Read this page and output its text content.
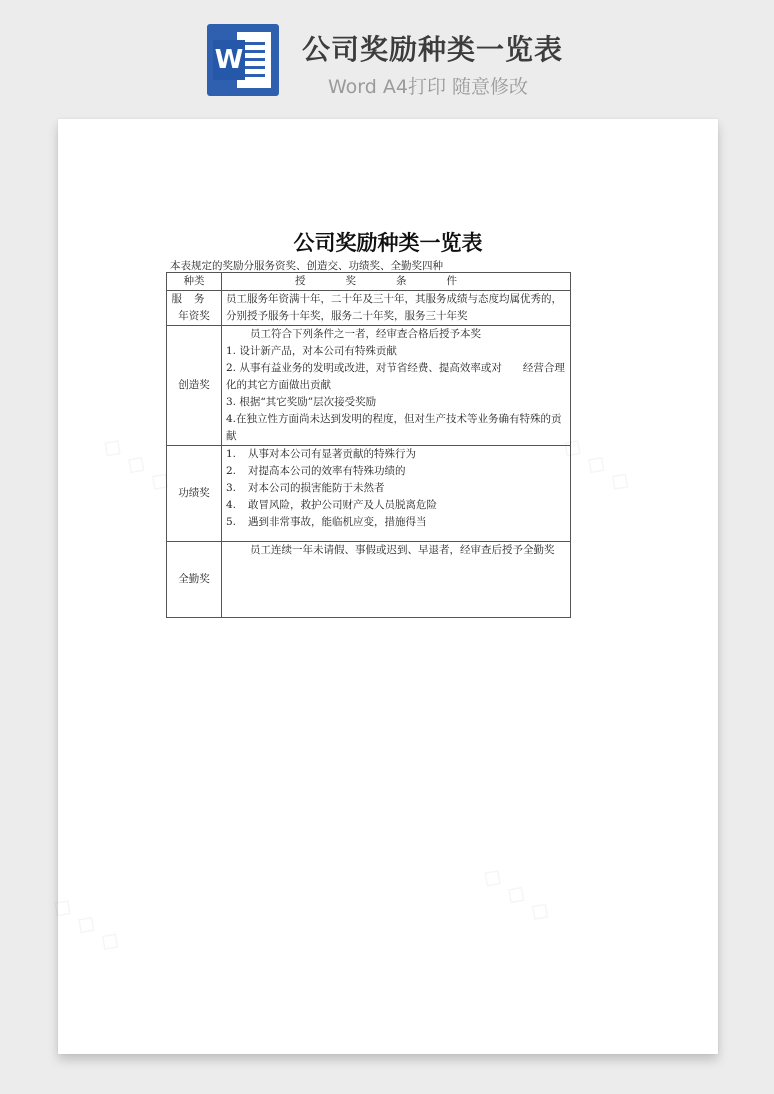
W 公司奖励种类一览表
Word A4打印 随意修改
◇ ◇ ◇	◇ ◇ ◇
◇ ◇ ◇	◇ ◇ ◇
公司奖励种类一览表
本表规定的奖励分服务资奖、创造交、功绩奖、全勤奖四种
种类	授奖条件

服务
年资奖	员工服务年资满十年，二十年及三十年，其服务成绩与态度均属优秀的，分别授予服务十年奖，服务二十年奖，服务三十年奖
创造奖	员工符合下列条件之一者，经审查合格后授予本奖
1. 设计新产品，对本公司有特殊贡献
2. 从事有益业务的发明或改进，对节省经费、提高效率或对　　经营合理化的其它方面做出贡献
3. 根据“其它奖励”层次接受奖励
4.在独立性方面尚未达到发明的程度，但对生产技术等业务确有特殊的贡献

功绩奖	1. 从事对本公司有显著贡献的特殊行为
2. 对提高本公司的效率有特殊功绩的
3. 对本公司的损害能防于未然者
4. 敢冒风险，救护公司财产及人员脱离危险
5. 遇到非常事故，能临机应变，措施得当

全勤奖	员工连续一年未请假、事假或迟到、早退者，经审查后授予全勤奖
